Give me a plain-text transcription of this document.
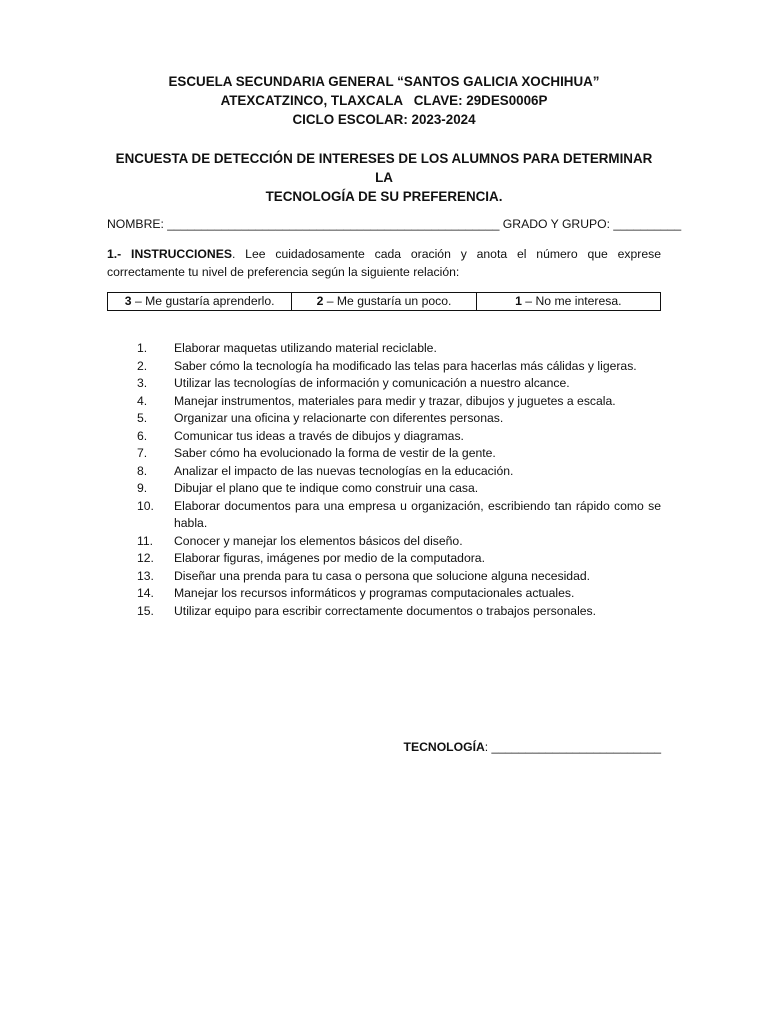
ESCUELA SECUNDARIA GENERAL “SANTOS GALICIA XOCHIHUA”
ATEXCATZINCO, TLAXCALA   CLAVE: 29DES0006P
CICLO ESCOLAR: 2023-2024
ENCUESTA DE DETECCIÓN DE INTERESES DE LOS ALUMNOS PARA DETERMINAR LA
TECNOLOGÍA DE SU PREFERENCIA.
NOMBRE: _________________________________________________ GRADO Y GRUPO: __________
1.- INSTRUCCIONES. Lee cuidadosamente cada oración y anota el número que exprese correctamente tu nivel de preferencia según la siguiente relación:
3 – Me gustaría aprenderlo.	2 – Me gustaría un poco.	1 – No me interesa.
1.	Elaborar maquetas utilizando material reciclable.
2.	Saber cómo la tecnología ha modificado las telas para hacerlas más cálidas y ligeras.
3.	Utilizar las tecnologías de información y comunicación a nuestro alcance.
4.	Manejar instrumentos, materiales para medir y trazar, dibujos y juguetes a escala.
5.	Organizar una oficina y relacionarte con diferentes personas.
6.	Comunicar tus ideas a través de dibujos y diagramas.
7.	Saber cómo ha evolucionado la forma de vestir de la gente.
8.	Analizar el impacto de las nuevas tecnologías en la educación.
9.	Dibujar el plano que te indique como construir una casa.
10.	Elaborar documentos para una empresa u organización, escribiendo tan rápido como se habla.
11.	Conocer y manejar los elementos básicos del diseño.
12.	Elaborar figuras, imágenes por medio de la computadora.
13.	Diseñar una prenda para tu casa o persona que solucione alguna necesidad.
14.	Manejar los recursos informáticos y programas computacionales actuales.
15.	Utilizar equipo para escribir correctamente documentos o trabajos personales.
TECNOLOGÍA: _________________________
